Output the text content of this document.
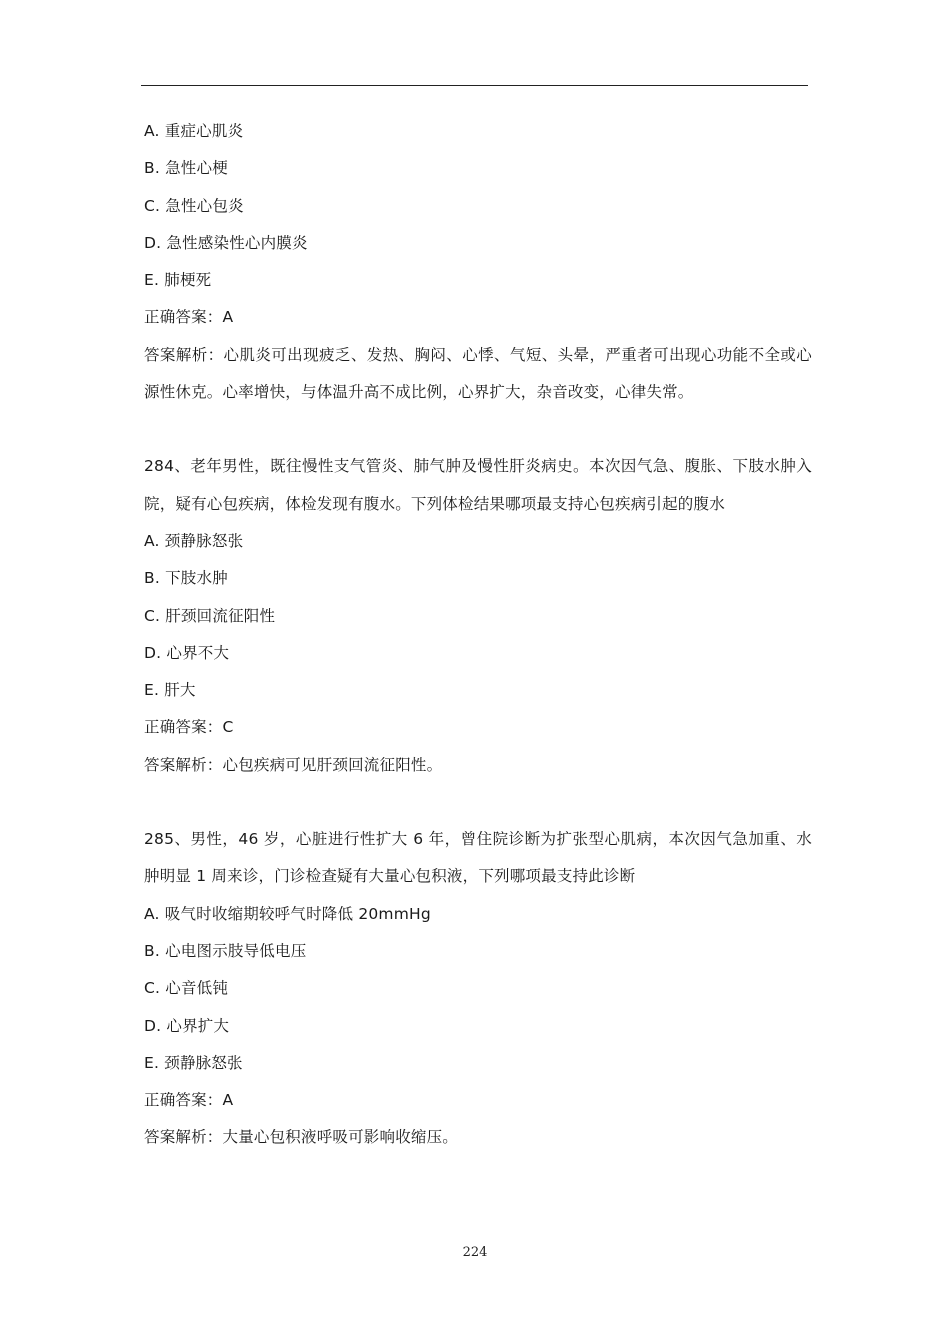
A. 重症心肌炎
B. 急性心梗
C. 急性心包炎
D. 急性感染性心内膜炎
E. 肺梗死
正确答案：A
答案解析：心肌炎可出现疲乏、发热、胸闷、心悸、气短、头晕，严重者可出现心功能不全或心源性休克。心率增快，与体温升高不成比例，心界扩大，杂音改变，心律失常。
284、老年男性，既往慢性支气管炎、肺气肿及慢性肝炎病史。本次因气急、腹胀、下肢水肿入院，疑有心包疾病，体检发现有腹水。下列体检结果哪项最支持心包疾病引起的腹水
A. 颈静脉怒张
B. 下肢水肿
C. 肝颈回流征阳性
D. 心界不大
E. 肝大
正确答案：C
答案解析：心包疾病可见肝颈回流征阳性。
285、男性，46 岁，心脏进行性扩大 6 年，曾住院诊断为扩张型心肌病，本次因气急加重、水肿明显 1 周来诊，门诊检查疑有大量心包积液，下列哪项最支持此诊断
A. 吸气时收缩期较呼气时降低 20mmHg
B. 心电图示肢导低电压
C. 心音低钝
D. 心界扩大
E. 颈静脉怒张
正确答案：A
答案解析：大量心包积液呼吸可影响收缩压。
224
